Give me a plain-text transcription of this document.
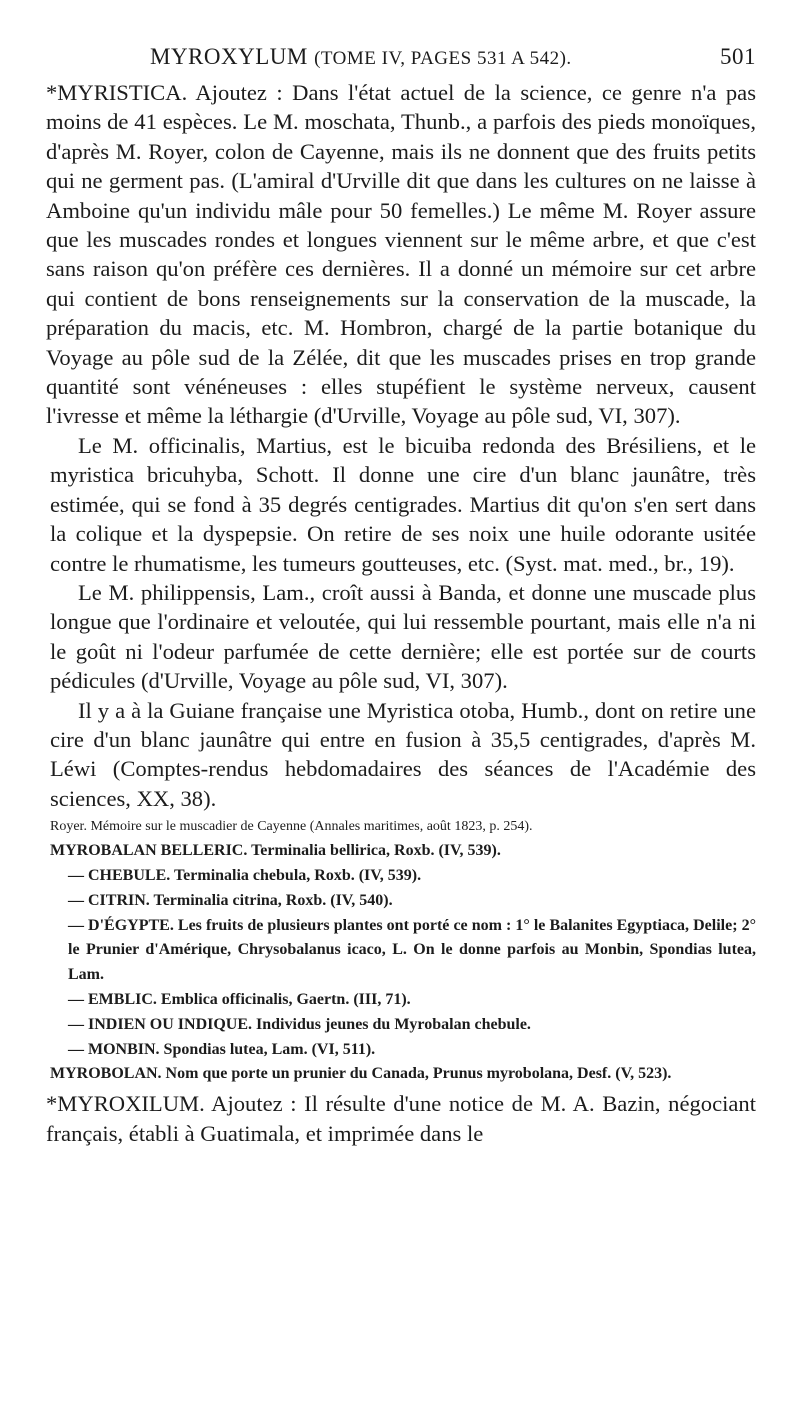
MYROXYLUM (TOME IV, PAGES 531 A 542).	501

*MYRISTICA. Ajoutez : Dans l'état actuel de la science, ce genre n'a pas moins de 41 espèces. Le M. moschata, Thunb., a parfois des pieds monoïques, d'après M. Royer, colon de Cayenne, mais ils ne donnent que des fruits petits qui ne germent pas. (L'amiral d'Urville dit que dans les cultures on ne laisse à Amboine qu'un individu mâle pour 50 femelles.) Le même M. Royer assure que les muscades rondes et longues viennent sur le même arbre, et que c'est sans raison qu'on préfère ces dernières. Il a donné un mémoire sur cet arbre qui contient de bons renseignements sur la conservation de la muscade, la préparation du macis, etc. M. Hombron, chargé de la partie botanique du Voyage au pôle sud de la Zélée, dit que les muscades prises en trop grande quantité sont vénéneuses : elles stupéfient le système nerveux, causent l'ivresse et même la léthargie (d'Urville, Voyage au pôle sud, VI, 307).

Le M. officinalis, Martius, est le bicuiba redonda des Brésiliens, et le myristica bricuhyba, Schott. Il donne une cire d'un blanc jaunâtre, très estimée, qui se fond à 35 degrés centigrades. Martius dit qu'on s'en sert dans la colique et la dyspepsie. On retire de ses noix une huile odorante usitée contre le rhumatisme, les tumeurs goutteuses, etc. (Syst. mat. med., br., 19).

Le M. philippensis, Lam., croît aussi à Banda, et donne une muscade plus longue que l'ordinaire et veloutée, qui lui ressemble pourtant, mais elle n'a ni le goût ni l'odeur parfumée de cette dernière; elle est portée sur de courts pédicules (d'Urville, Voyage au pôle sud, VI, 307).

Il y a à la Guiane française une Myristica otoba, Humb., dont on retire une cire d'un blanc jaunâtre qui entre en fusion à 35,5 centigrades, d'après M. Léwi (Comptes-rendus hebdomadaires des séances de l'Académie des sciences, XX, 38).

Royer. Mémoire sur le muscadier de Cayenne (Annales maritimes, août 1823, p. 254).

MYROBALAN BELLERIC. Terminalia bellirica, Roxb. (IV, 539).

— CHEBULE. Terminalia chebula, Roxb. (IV, 539).

— CITRIN. Terminalia citrina, Roxb. (IV, 540).

— D'ÉGYPTE. Les fruits de plusieurs plantes ont porté ce nom : 1° le Balanites Egyptiaca, Delile; 2° le Prunier d'Amérique, Chrysobalanus icaco, L. On le donne parfois au Monbin, Spondias lutea, Lam.

— EMBLIC. Emblica officinalis, Gaertn. (III, 71).

— INDIEN OU INDIQUE. Individus jeunes du Myrobalan chebule.

— MONBIN. Spondias lutea, Lam. (VI, 511).

MYROBOLAN. Nom que porte un prunier du Canada, Prunus myrobolana, Desf. (V, 523).

*MYROXILUM. Ajoutez : Il résulte d'une notice de M. A. Bazin, négociant français, établi à Guatimala, et imprimée dans le
